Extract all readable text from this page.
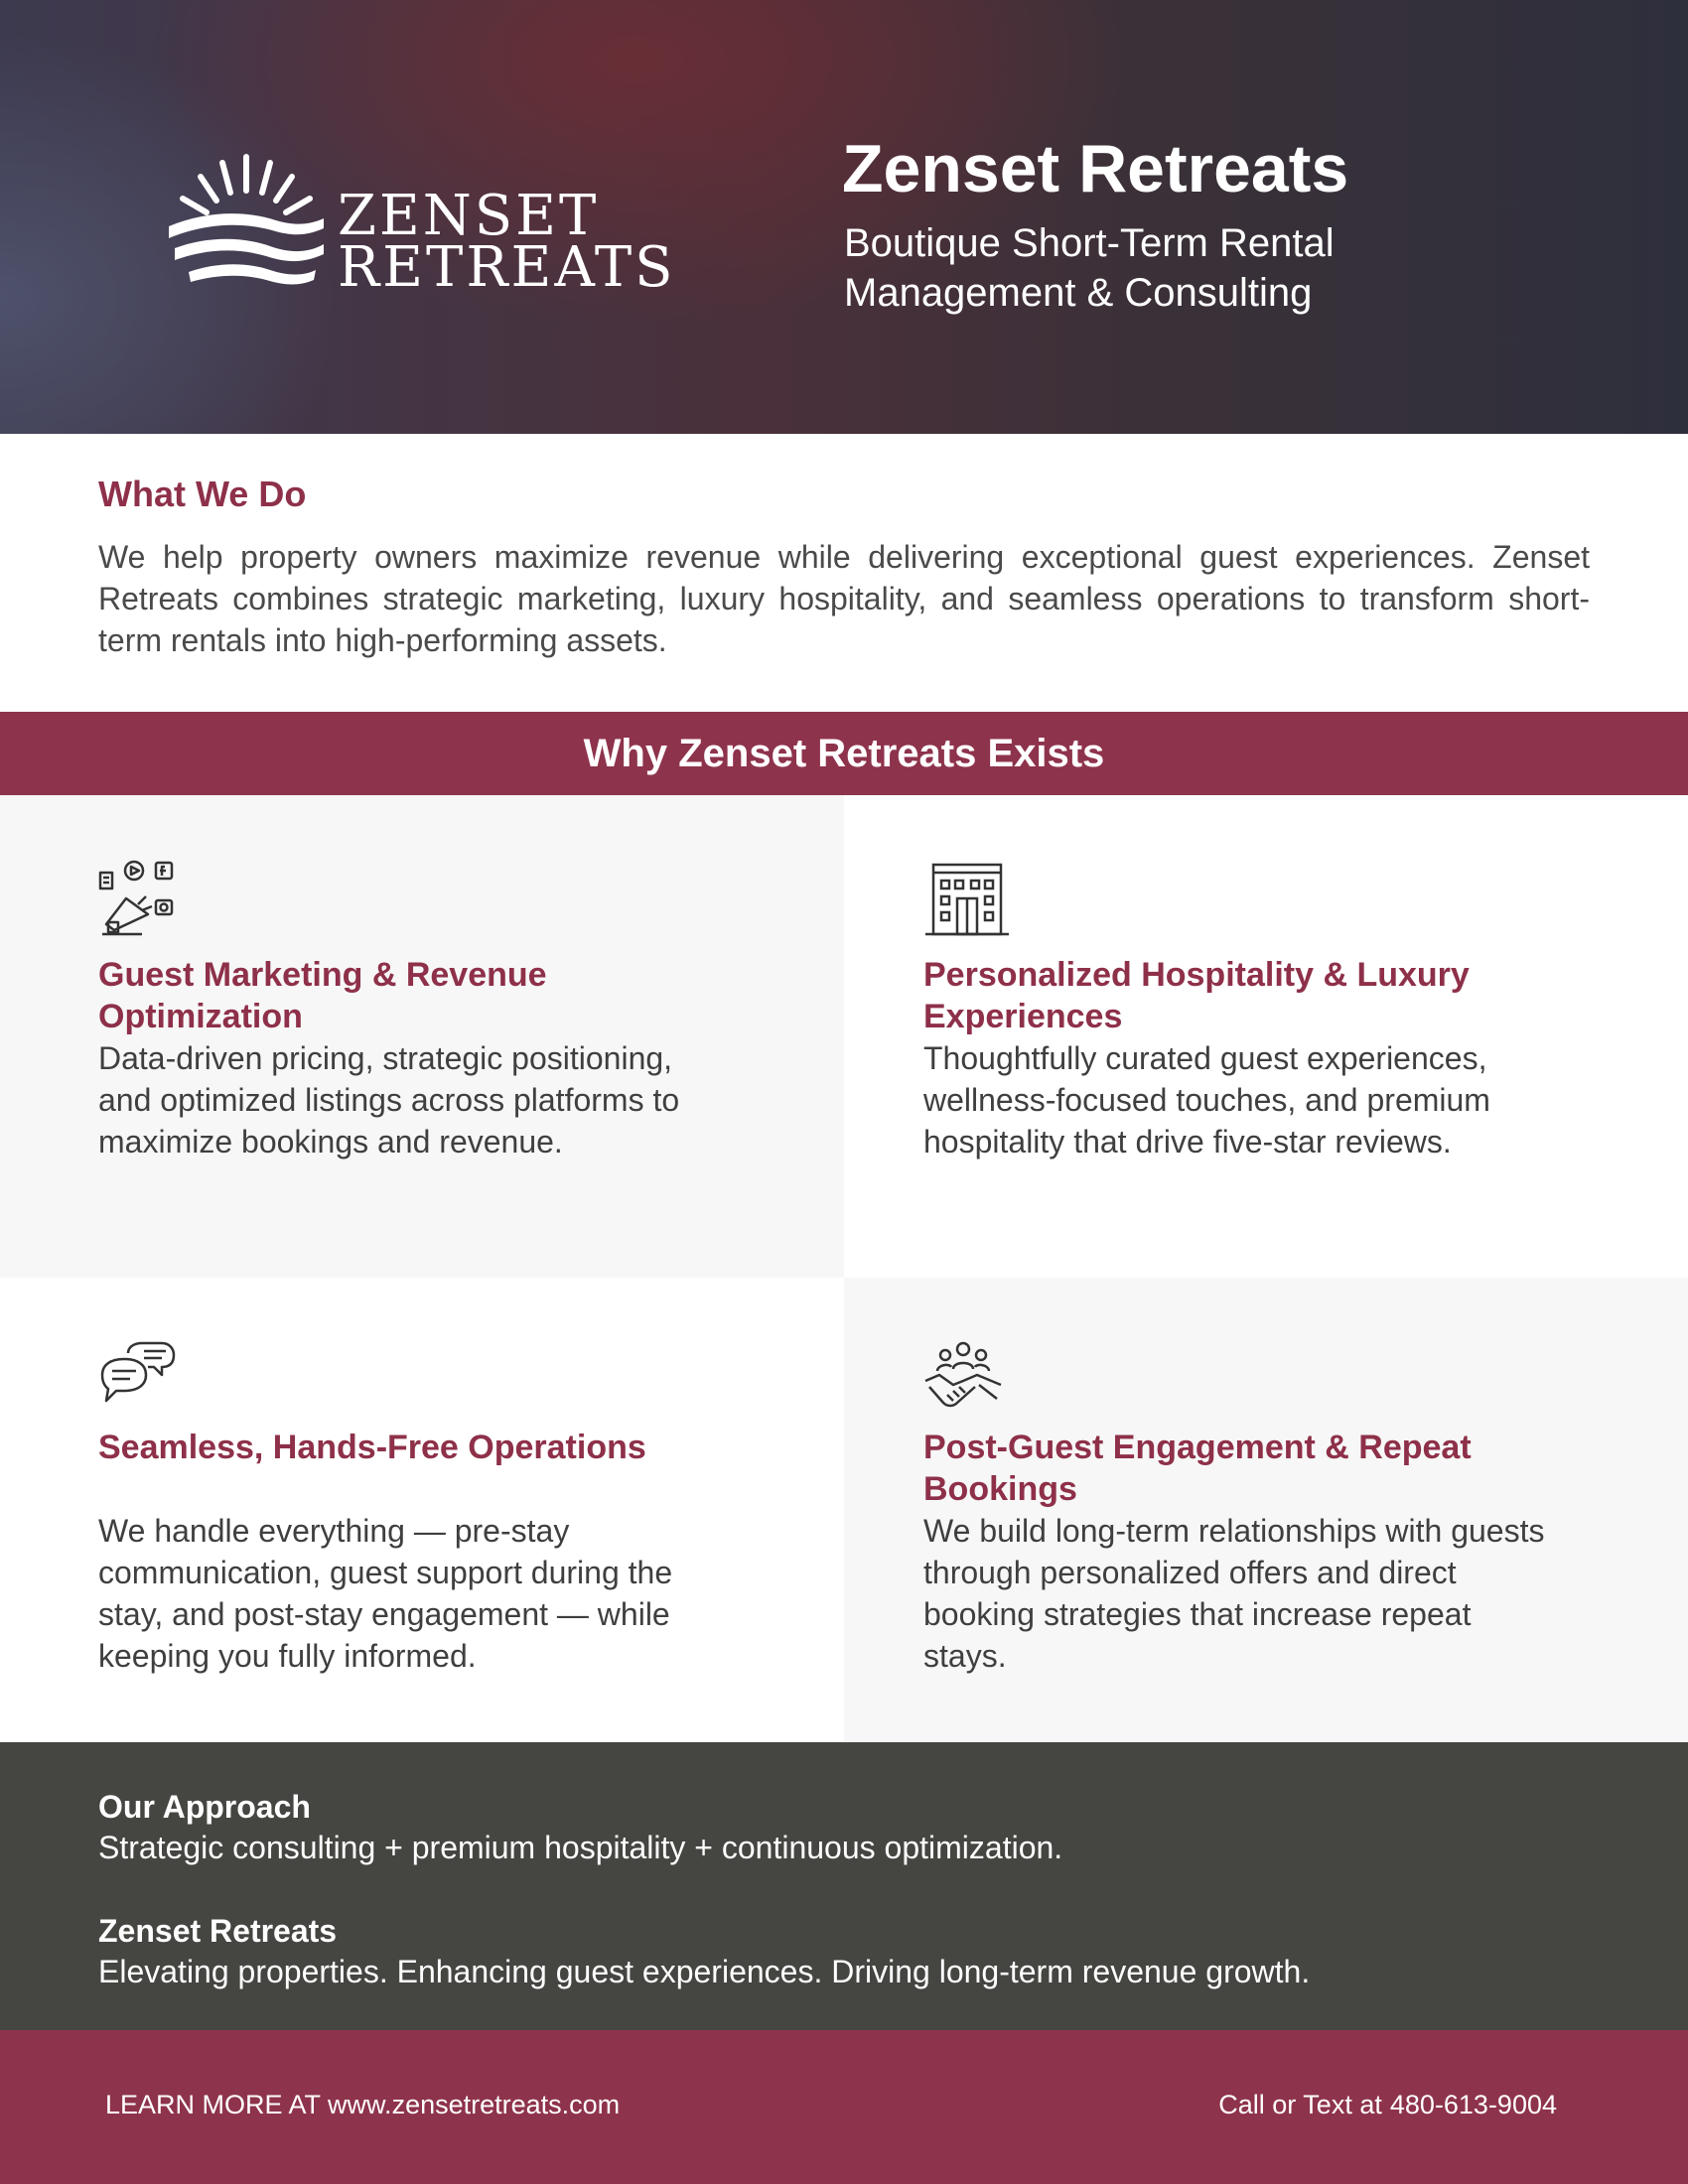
ZENSET
RETREATS
Zenset Retreats
Boutique Short-Term Rental
Management & Consulting
What We Do

We help property owners maximize revenue while delivering exceptional guest experiences. Zenset Retreats combines strategic marketing, luxury hospitality, and seamless operations to transform short-term rentals into high-performing assets.

Why Zenset Retreats Exists
Guest Marketing & Revenue Optimization

Data-driven pricing, strategic positioning, and optimized listings across platforms to maximize bookings and revenue.

Personalized Hospitality & Luxury Experiences

Thoughtfully curated guest experiences, wellness-focused touches, and premium hospitality that drive five-star reviews.

Seamless, Hands-Free Operations

We handle everything — pre-stay communication, guest support during the stay, and post-stay engagement — while keeping you fully informed.

Post-Guest Engagement & Repeat Bookings

We build long-term relationships with guests through personalized offers and direct booking strategies that increase repeat stays.

Our Approach

Strategic consulting + premium hospitality + continuous optimization.

Zenset Retreats

Elevating properties. Enhancing guest experiences. Driving long-term revenue growth.

LEARN MORE AT www.zensetretreats.com	Call or Text at 480-613-9004
